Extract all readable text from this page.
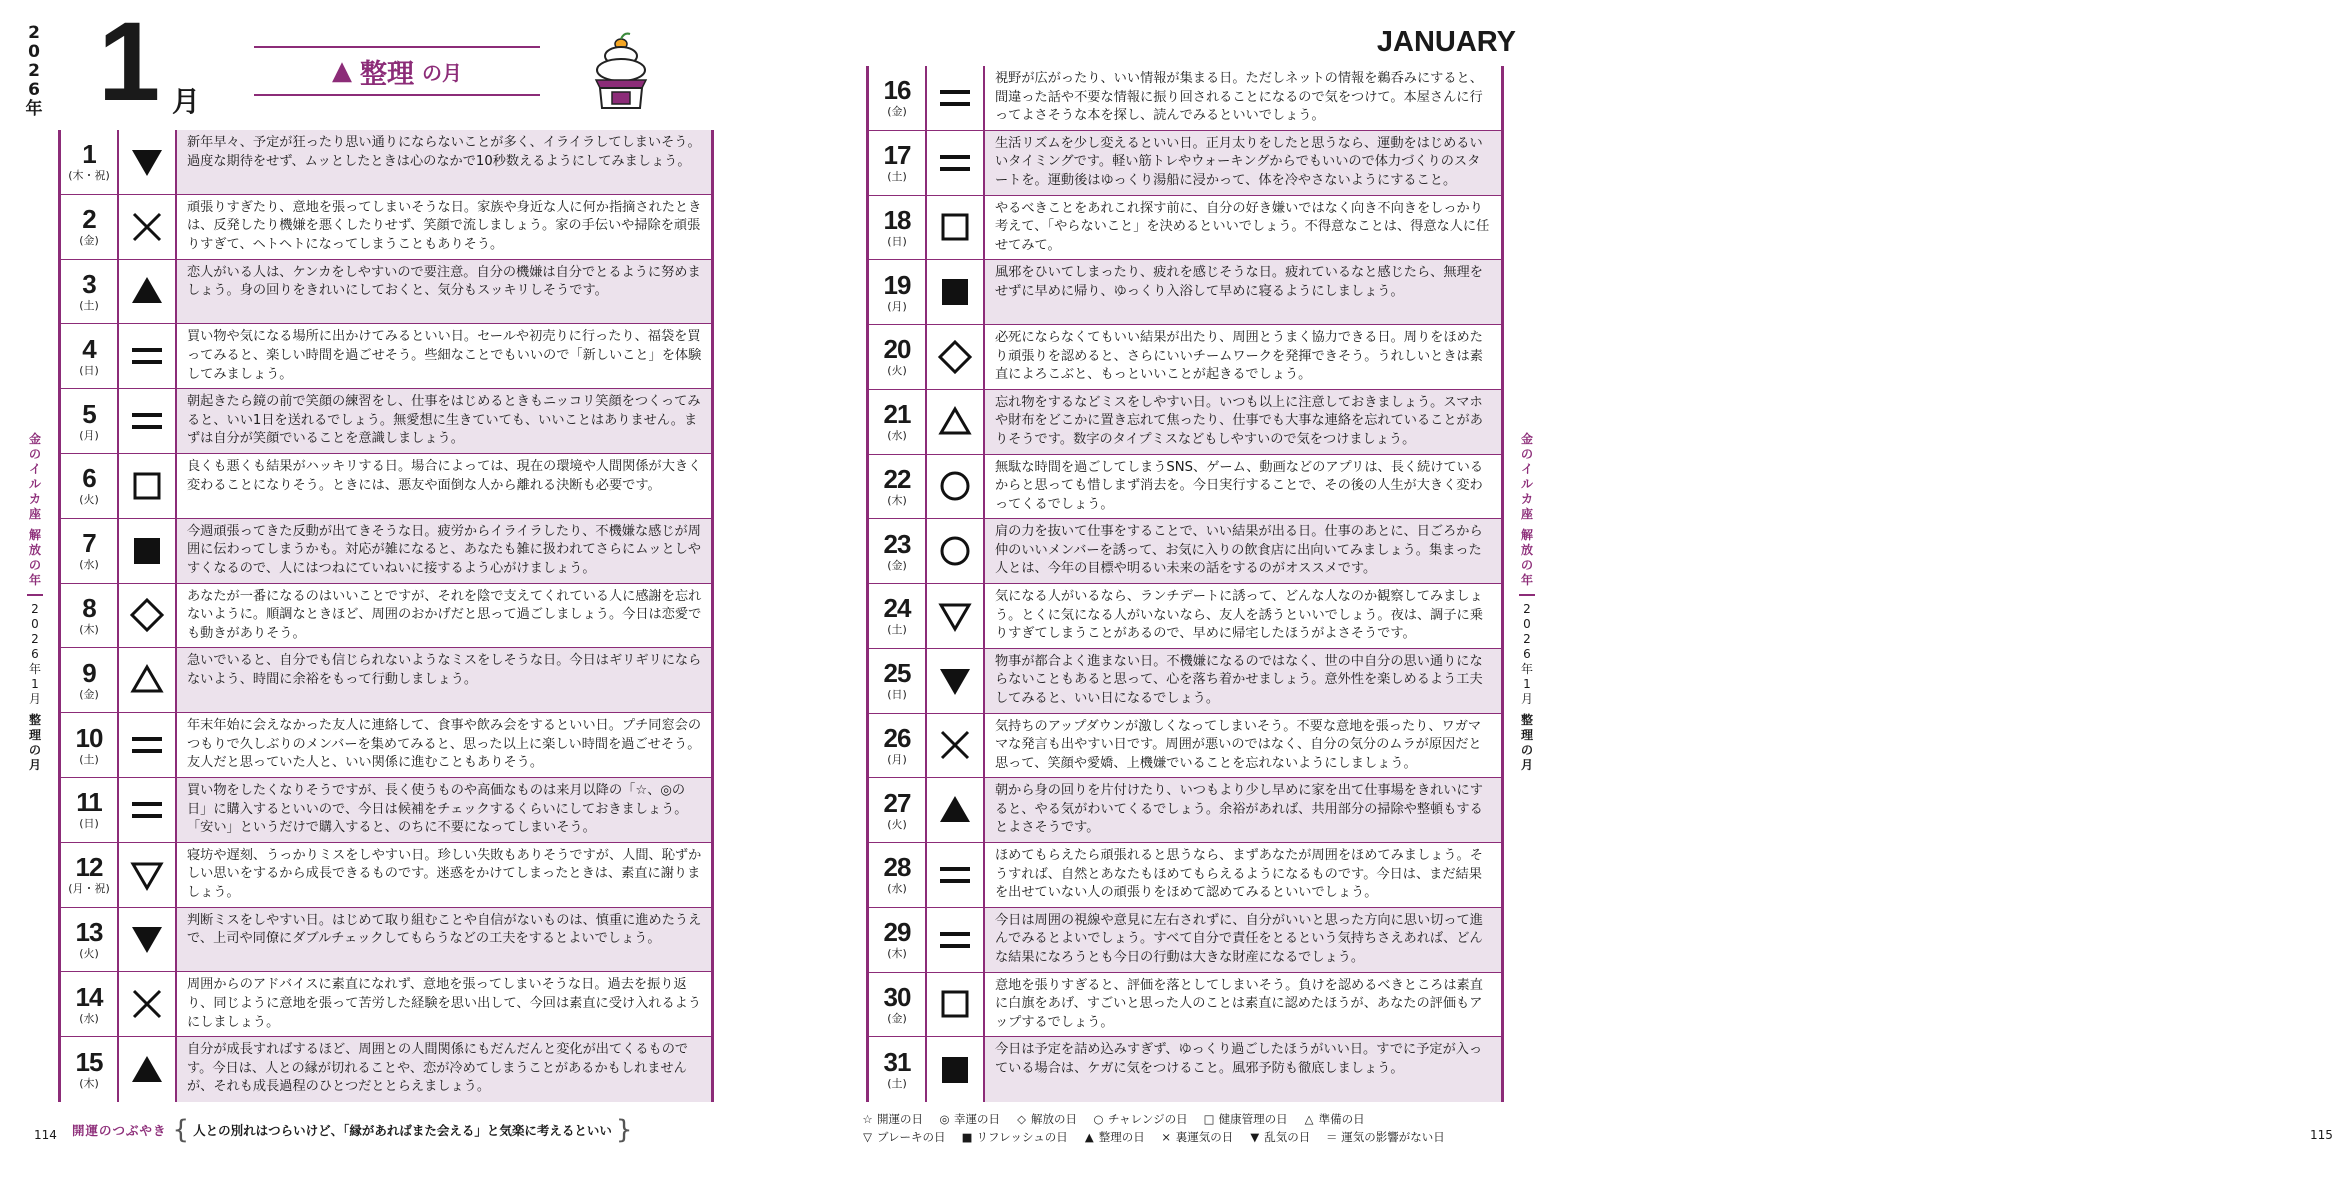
2
0
2
6
年 1 月
▲ 整理 の月
1
(木・祝)
新年早々、予定が狂ったり思い通りにならないことが多く、イライラしてしまいそう。過度な期待をせず、ムッとしたときは心のなかで10秒数えるようにしてみましょう。
2
(金)
頑張りすぎたり、意地を張ってしまいそうな日。家族や身近な人に何か指摘されたときは、反発したり機嫌を悪くしたりせず、笑顔で流しましょう。家の手伝いや掃除を頑張りすぎて、ヘトヘトになってしまうこともありそう。
3
(土)
恋人がいる人は、ケンカをしやすいので要注意。自分の機嫌は自分でとるように努めましょう。身の回りをきれいにしておくと、気分もスッキリしそうです。
4
(日)
買い物や気になる場所に出かけてみるといい日。セールや初売りに行ったり、福袋を買ってみると、楽しい時間を過ごせそう。些細なことでもいいので「新しいこと」を体験してみましょう。
5
(月)
朝起きたら鏡の前で笑顔の練習をし、仕事をはじめるときもニッコリ笑顔をつくってみると、いい1日を送れるでしょう。無愛想に生きていても、いいことはありません。まずは自分が笑顔でいることを意識しましょう。
6
(火)
良くも悪くも結果がハッキリする日。場合によっては、現在の環境や人間関係が大きく変わることになりそう。ときには、悪友や面倒な人から離れる決断も必要です。
7
(水)
今週頑張ってきた反動が出てきそうな日。疲労からイライラしたり、不機嫌な感じが周囲に伝わってしまうかも。対応が雑になると、あなたも雑に扱われてさらにムッとしやすくなるので、人にはつねにていねいに接するよう心がけましょう。
8
(木)
あなたが一番になるのはいいことですが、それを陰で支えてくれている人に感謝を忘れないように。順調なときほど、周囲のおかげだと思って過ごしましょう。今日は恋愛でも動きがありそう。
9
(金)
急いでいると、自分でも信じられないようなミスをしそうな日。今日はギリギリにならないよう、時間に余裕をもって行動しましょう。
10
(土)
年末年始に会えなかった友人に連絡して、食事や飲み会をするといい日。プチ同窓会のつもりで久しぶりのメンバーを集めてみると、思った以上に楽しい時間を過ごせそう。友人だと思っていた人と、いい関係に進むこともありそう。
11
(日)
買い物をしたくなりそうですが、長く使うものや高価なものは来月以降の「☆、◎の日」に購入するといいので、今日は候補をチェックするくらいにしておきましょう。「安い」というだけで購入すると、のちに不要になってしまいそう。
12
(月・祝)
寝坊や遅刻、うっかりミスをしやすい日。珍しい失敗もありそうですが、人間、恥ずかしい思いをするから成長できるものです。迷惑をかけてしまったときは、素直に謝りましょう。
13
(火)
判断ミスをしやすい日。はじめて取り組むことや自信がないものは、慎重に進めたうえで、上司や同僚にダブルチェックしてもらうなどの工夫をするとよいでしょう。
14
(水)
周囲からのアドバイスに素直になれず、意地を張ってしまいそうな日。過去を振り返り、同じように意地を張って苦労した経験を思い出して、今回は素直に受け入れるようにしましょう。
15
(木)
自分が成長すればするほど、周囲との人間関係にもだんだんと変化が出てくるものです。今日は、人との縁が切れることや、恋が冷めてしまうことがあるかもしれませんが、それも成長過程のひとつだととらえましょう。
金
の
イ
ル
カ
座
解
放
の
年
2
0
2
6
年
1
月
整
理
の
月
114 開運のつぶやき { 人との別れはつらいけど、「縁があればまた会える」と気楽に考えるといい }
JANUARY
16
(金)
視野が広がったり、いい情報が集まる日。ただしネットの情報を鵜呑みにすると、間違った話や不要な情報に振り回されることになるので気をつけて。本屋さんに行ってよさそうな本を探し、読んでみるといいでしょう。
17
(土)
生活リズムを少し変えるといい日。正月太りをしたと思うなら、運動をはじめるいいタイミングです。軽い筋トレやウォーキングからでもいいので体力づくりのスタートを。運動後はゆっくり湯船に浸かって、体を冷やさないようにすること。
18
(日)
やるべきことをあれこれ探す前に、自分の好き嫌いではなく向き不向きをしっかり考えて、「やらないこと」を決めるといいでしょう。不得意なことは、得意な人に任せてみて。
19
(月)
風邪をひいてしまったり、疲れを感じそうな日。疲れているなと感じたら、無理をせずに早めに帰り、ゆっくり入浴して早めに寝るようにしましょう。
20
(火)
必死にならなくてもいい結果が出たり、周囲とうまく協力できる日。周りをほめたり頑張りを認めると、さらにいいチームワークを発揮できそう。うれしいときは素直によろこぶと、もっといいことが起きるでしょう。
21
(水)
忘れ物をするなどミスをしやすい日。いつも以上に注意しておきましょう。スマホや財布をどこかに置き忘れて焦ったり、仕事でも大事な連絡を忘れていることがありそうです。数字のタイプミスなどもしやすいので気をつけましょう。
22
(木)
無駄な時間を過ごしてしまうSNS、ゲーム、動画などのアプリは、長く続けているからと思っても惜しまず消去を。今日実行することで、その後の人生が大きく変わってくるでしょう。
23
(金)
肩の力を抜いて仕事をすることで、いい結果が出る日。仕事のあとに、日ごろから仲のいいメンバーを誘って、お気に入りの飲食店に出向いてみましょう。集まった人とは、今年の目標や明るい未来の話をするのがオススメです。
24
(土)
気になる人がいるなら、ランチデートに誘って、どんな人なのか観察してみましょう。とくに気になる人がいないなら、友人を誘うといいでしょう。夜は、調子に乗りすぎてしまうことがあるので、早めに帰宅したほうがよさそうです。
25
(日)
物事が都合よく進まない日。不機嫌になるのではなく、世の中自分の思い通りにならないこともあると思って、心を落ち着かせましょう。意外性を楽しめるよう工夫してみると、いい日になるでしょう。
26
(月)
気持ちのアップダウンが激しくなってしまいそう。不要な意地を張ったり、ワガママな発言も出やすい日です。周囲が悪いのではなく、自分の気分のムラが原因だと思って、笑顔や愛嬌、上機嫌でいることを忘れないようにしましょう。
27
(火)
朝から身の回りを片付けたり、いつもより少し早めに家を出て仕事場をきれいにすると、やる気がわいてくるでしょう。余裕があれば、共用部分の掃除や整頓もするとよさそうです。
28
(水)
ほめてもらえたら頑張れると思うなら、まずあなたが周囲をほめてみましょう。そうすれば、自然とあなたもほめてもらえるようになるものです。今日は、まだ結果を出せていない人の頑張りをほめて認めてみるといいでしょう。
29
(木)
今日は周囲の視線や意見に左右されずに、自分がいいと思った方向に思い切って進んでみるとよいでしょう。すべて自分で責任をとるという気持ちさえあれば、どんな結果になろうとも今日の行動は大きな財産になるでしょう。
30
(金)
意地を張りすぎると、評価を落としてしまいそう。負けを認めるべきところは素直に白旗をあげ、すごいと思った人のことは素直に認めたほうが、あなたの評価もアップするでしょう。
31
(土)
今日は予定を詰め込みすぎず、ゆっくり過ごしたほうがいい日。すでに予定が入っている場合は、ケガに気をつけること。風邪予防も徹底しましょう。
115
金
の
イ
ル
カ
座
解
放
の
年
2
0
2
6
年
1
月
整
理
の
月
☆ 開運の日 ◎ 幸運の日 ◇ 解放の日 ○ チャレンジの日 □ 健康管理の日 △ 準備の日
▽ ブレーキの日 ■ リフレッシュの日 ▲ 整理の日 × 裏運気の日 ▼ 乱気の日 ＝ 運気の影響がない日
